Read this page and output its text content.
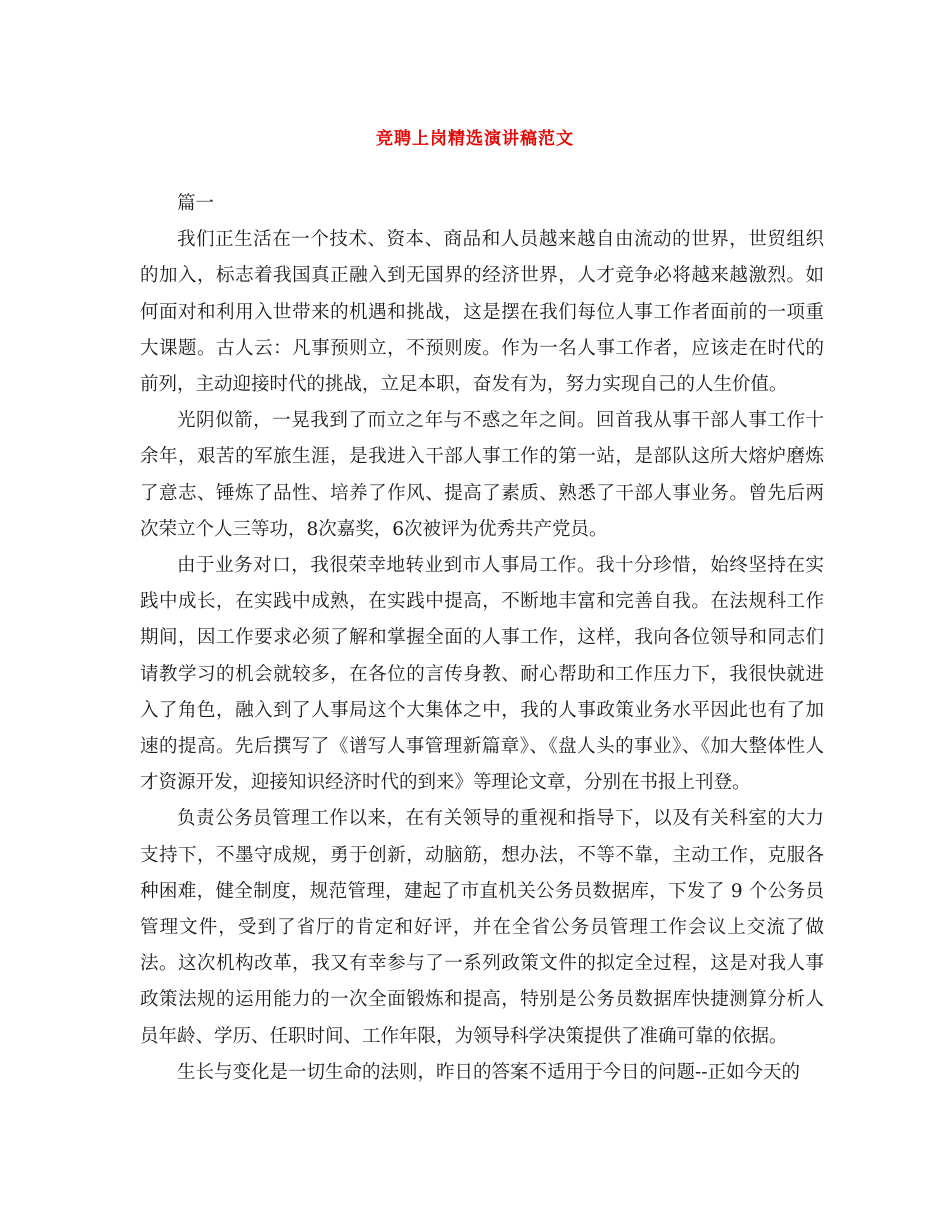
竞聘上岗精选演讲稿范文

篇一

我们正生活在一个技术、资本、商品和人员越来越自由流动的世界，世贸组织的加入，标志着我国真正融入到无国界的经济世界，人才竞争必将越来越激烈。如何面对和利用入世带来的机遇和挑战，这是摆在我们每位人事工作者面前的一项重大课题。古人云：凡事预则立，不预则废。作为一名人事工作者，应该走在时代的前列，主动迎接时代的挑战，立足本职，奋发有为，努力实现自己的人生价值。

光阴似箭，一晃我到了而立之年与不惑之年之间。回首我从事干部人事工作十余年，艰苦的军旅生涯，是我进入干部人事工作的第一站，是部队这所大熔炉磨炼了意志、锤炼了品性、培养了作风、提高了素质、熟悉了干部人事业务。曾先后两次荣立个人三等功，8次嘉奖，6次被评为优秀共产党员。

由于业务对口，我很荣幸地转业到市人事局工作。我十分珍惜，始终坚持在实践中成长，在实践中成熟，在实践中提高，不断地丰富和完善自我。在法规科工作期间，因工作要求必须了解和掌握全面的人事工作，这样，我向各位领导和同志们请教学习的机会就较多，在各位的言传身教、耐心帮助和工作压力下，我很快就进入了角色，融入到了人事局这个大集体之中，我的人事政策业务水平因此也有了加速的提高。先后撰写了《谱写人事管理新篇章》、《盘人头的事业》、《加大整体性人才资源开发，迎接知识经济时代的到来》等理论文章，分别在书报上刊登。

负责公务员管理工作以来，在有关领导的重视和指导下，以及有关科室的大力支持下，不墨守成规，勇于创新，动脑筋，想办法，不等不靠，主动工作，克服各种困难，健全制度，规范管理，建起了市直机关公务员数据库，下发了 9 个公务员管理文件，受到了省厅的肯定和好评，并在全省公务员管理工作会议上交流了做法。这次机构改革，我又有幸参与了一系列政策文件的拟定全过程，这是对我人事政策法规的运用能力的一次全面锻炼和提高，特别是公务员数据库快捷测算分析人员年龄、学历、任职时间、工作年限，为领导科学决策提供了准确可靠的依据。

生长与变化是一切生命的法则，昨日的答案不适用于今日的问题--正如今天的
